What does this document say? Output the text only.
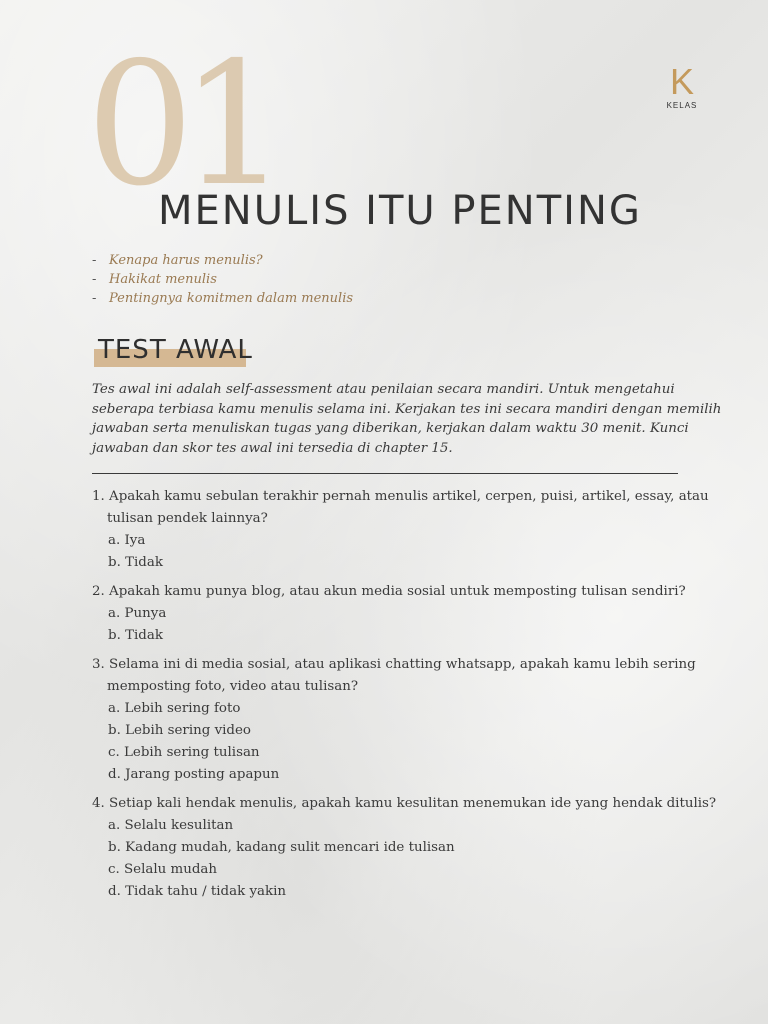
01
MENULIS ITU PENTING
K
KELAS
- Kenapa harus menulis?
- Hakikat menulis
- Pentingnya komitmen dalam menulis
TEST AWAL

Tes awal ini adalah self-assessment atau penilaian secara mandiri. Untuk mengetahui seberapa terbiasa kamu menulis selama ini. Kerjakan tes ini secara mandiri dengan memilih jawaban serta menuliskan tugas yang diberikan, kerjakan dalam waktu 30 menit. Kunci jawaban dan skor tes awal ini tersedia di chapter 15.

1. Apakah kamu sebulan terakhir pernah menulis artikel, cerpen, puisi, artikel, essay, atau tulisan pendek lainnya?
a. Iya
b. Tidak
2. Apakah kamu punya blog, atau akun media sosial untuk memposting tulisan sendiri?
a. Punya
b. Tidak
3. Selama ini di media sosial, atau aplikasi chatting whatsapp, apakah kamu lebih sering memposting foto, video atau tulisan?
a. Lebih sering foto
b. Lebih sering video
c. Lebih sering tulisan
d. Jarang posting apapun
4. Setiap kali hendak menulis, apakah kamu kesulitan menemukan ide yang hendak ditulis?
a. Selalu kesulitan
b. Kadang mudah, kadang sulit mencari ide tulisan
c. Selalu mudah
d. Tidak tahu / tidak yakin
